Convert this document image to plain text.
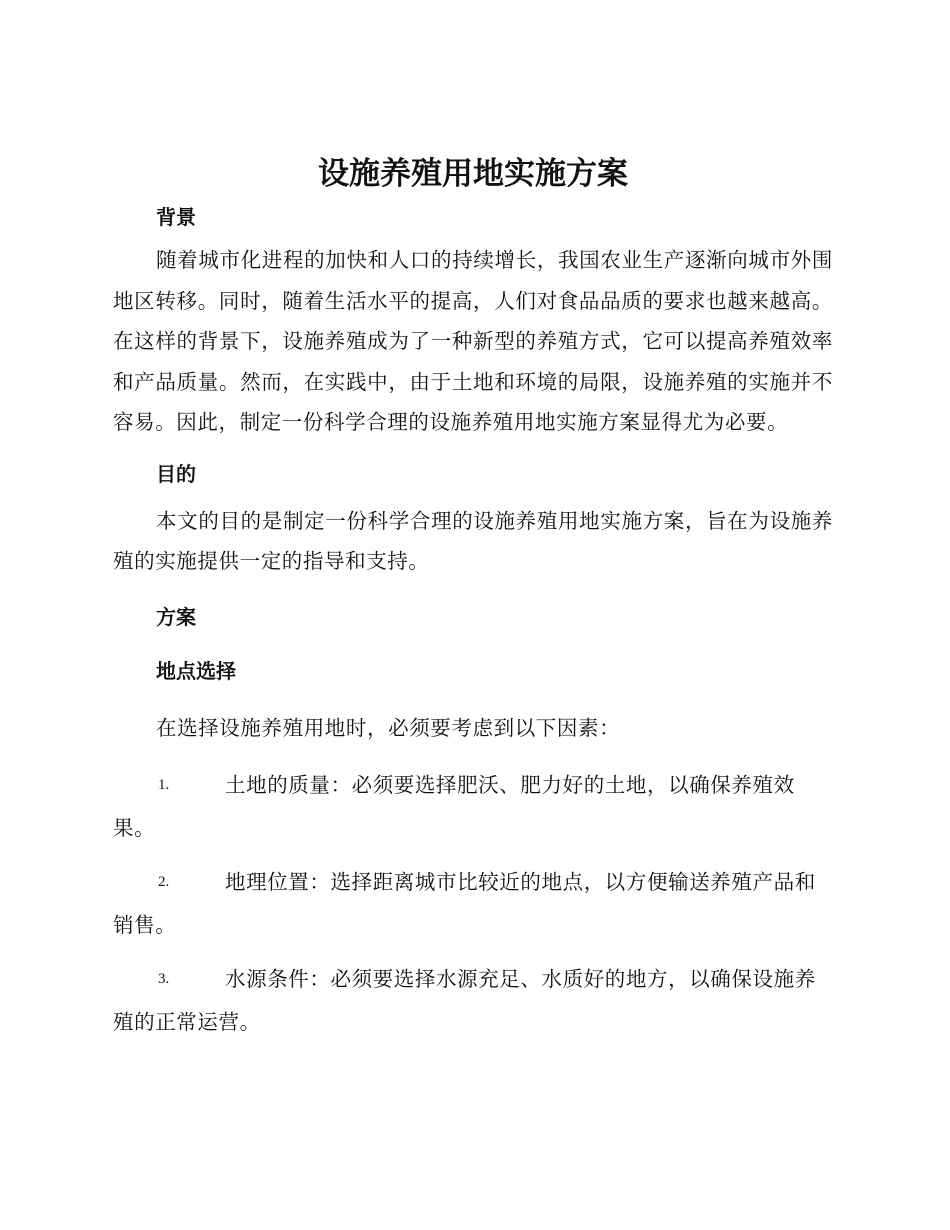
设施养殖用地实施方案
背景

随着城市化进程的加快和人口的持续增长，我国农业生产逐渐向城市外围地区转移。同时，随着生活水平的提高，人们对食品品质的要求也越来越高。在这样的背景下，设施养殖成为了一种新型的养殖方式，它可以提高养殖效率和产品质量。然而，在实践中，由于土地和环境的局限，设施养殖的实施并不容易。因此，制定一份科学合理的设施养殖用地实施方案显得尤为必要。

目的

本文的目的是制定一份科学合理的设施养殖用地实施方案，旨在为设施养殖的实施提供一定的指导和支持。

方案
地点选择

在选择设施养殖用地时，必须要考虑到以下因素：

1.	土地的质量：必须要选择肥沃、肥力好的土地，以确保养殖效果。
2.	地理位置：选择距离城市比较近的地点，以方便输送养殖产品和销售。
3.	水源条件：必须要选择水源充足、水质好的地方，以确保设施养殖的正常运营。
